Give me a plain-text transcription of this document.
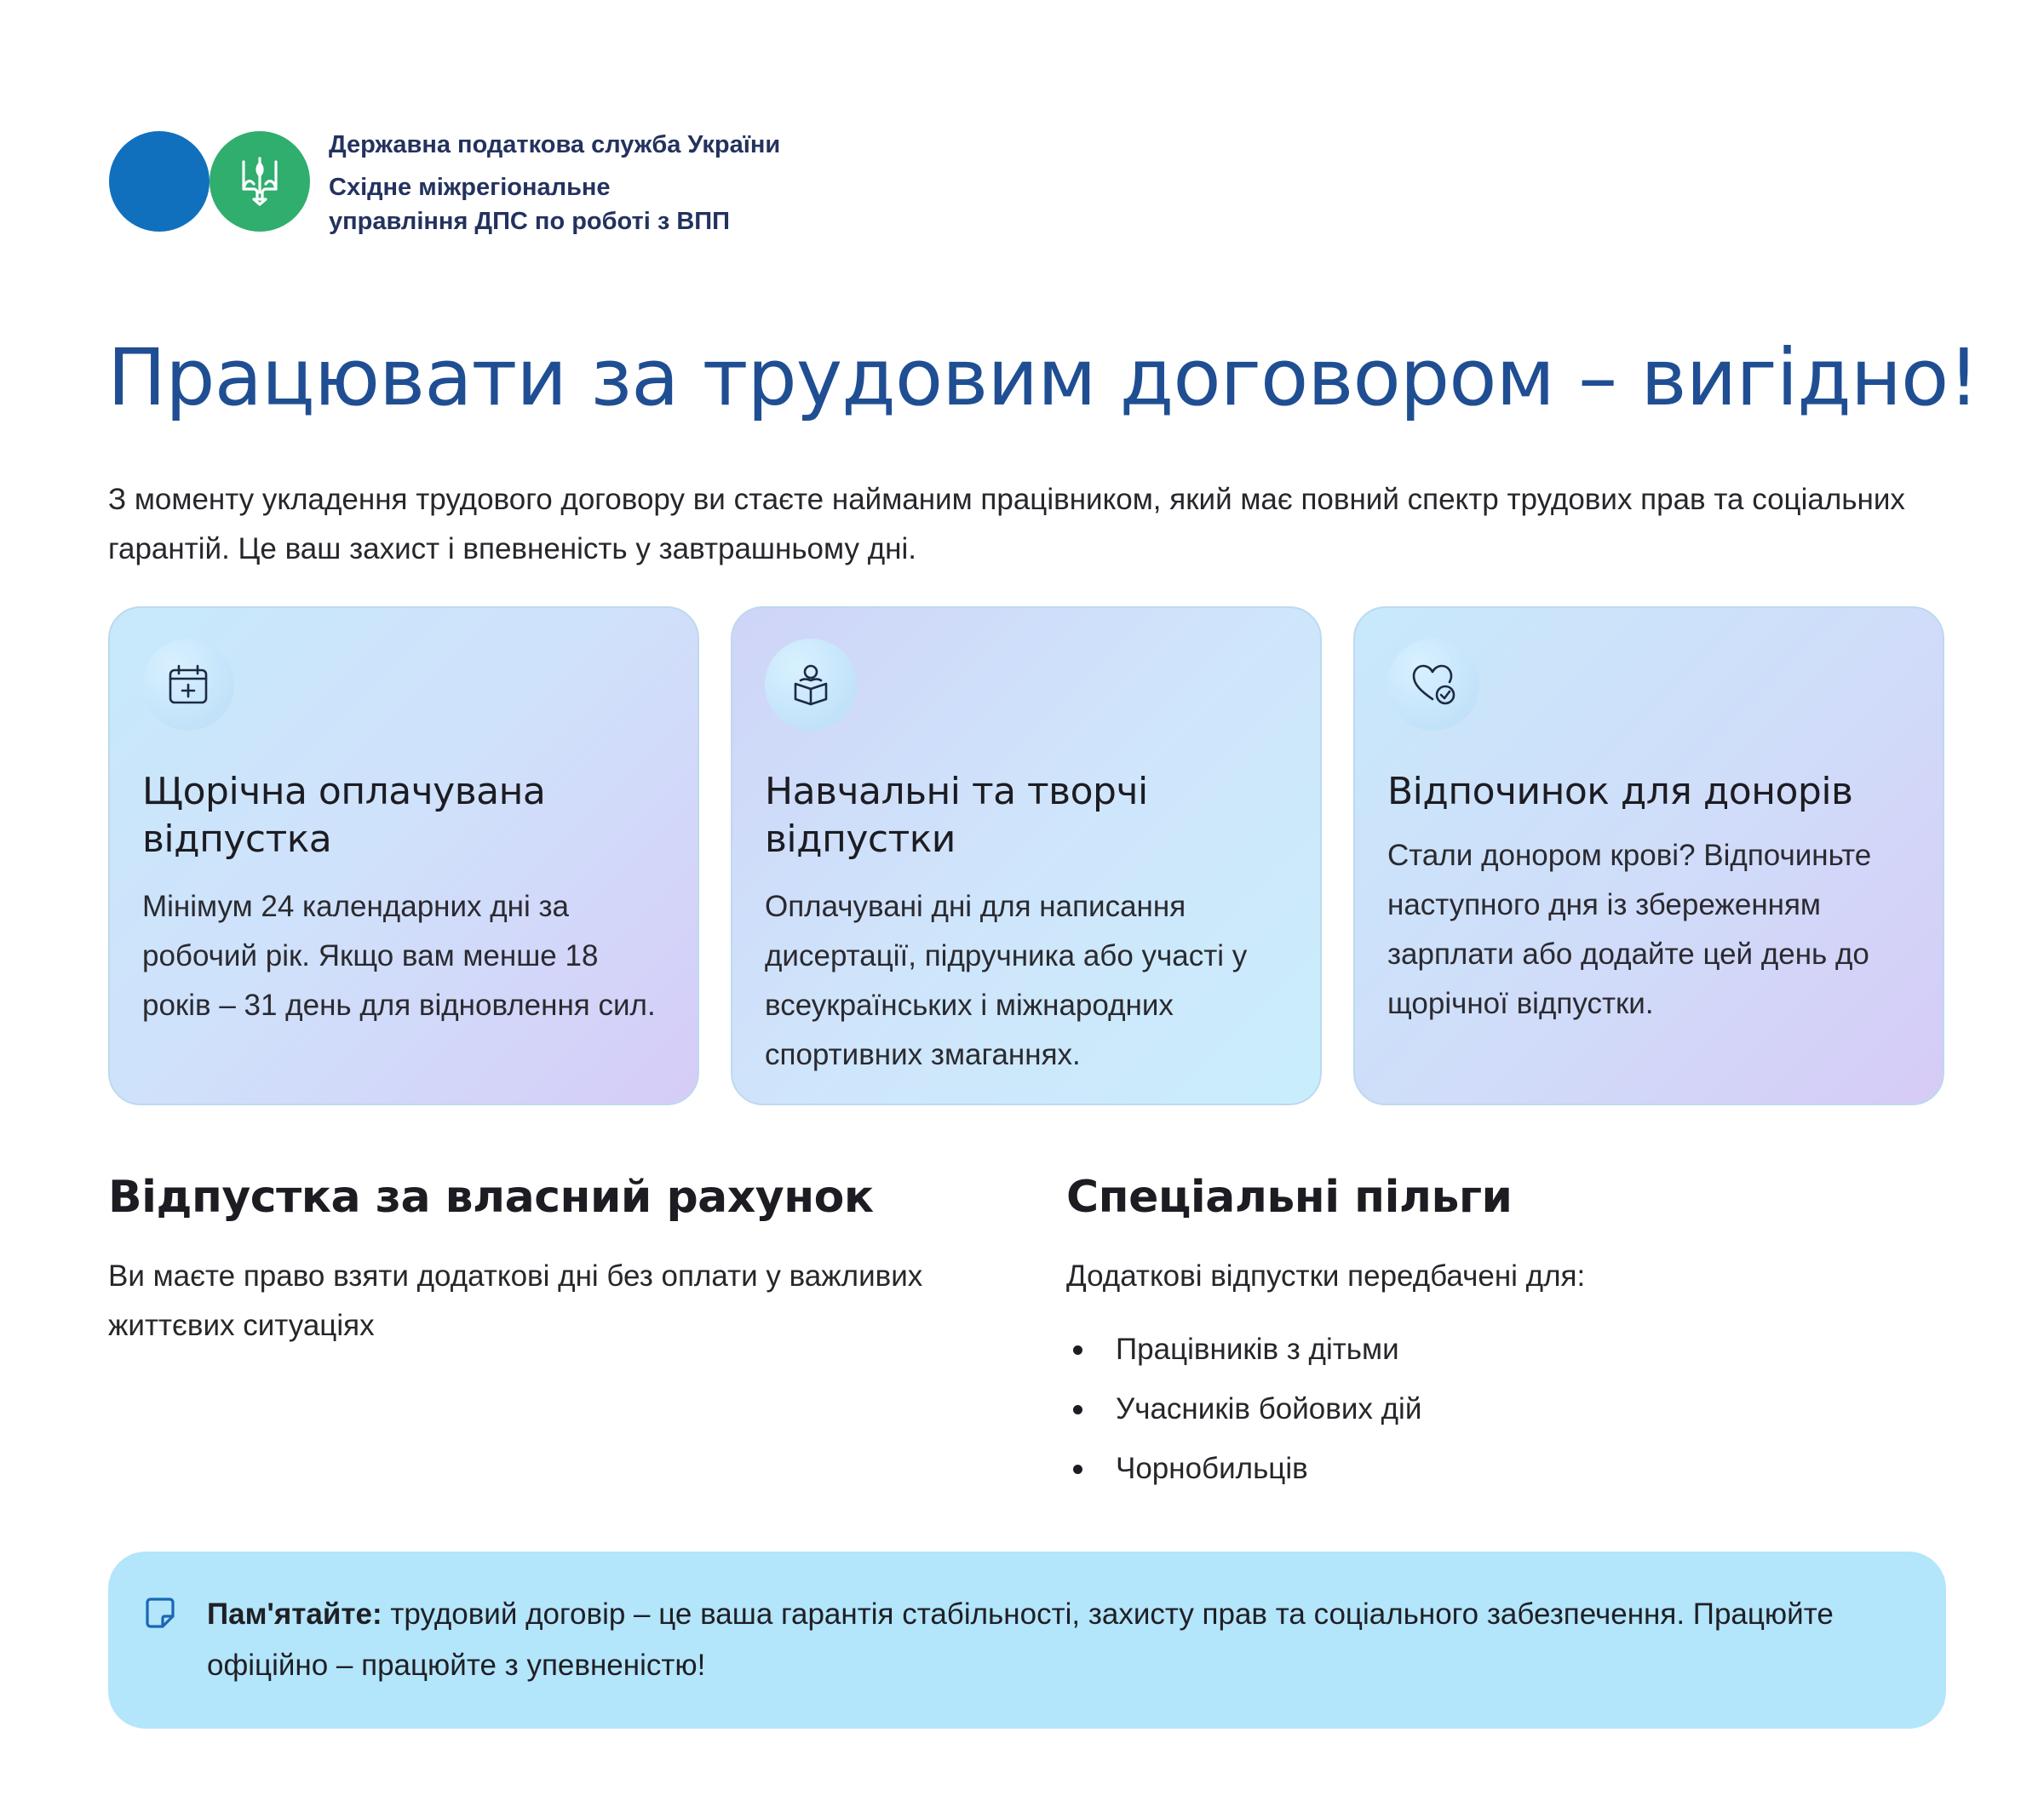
Державна податкова служба України
Східне міжрегіональне
управління ДПС по роботі з ВПП
Працювати за трудовим договором – вигідно!

З моменту укладення трудового договору ви стаєте найманим працівником, який має повний спектр трудових прав та соціальних гарантій. Це ваш захист і впевненість у завтрашньому дні.

Щорічна оплачувана відпустка
Мінімум 24 календарних дні за робочий рік. Якщо вам менше 18 років – 31 день для відновлення сил.
Навчальні та творчі відпустки
Оплачувані дні для написання дисертації, підручника або участі у всеукраїнських і міжнародних спортивних змаганнях.
Відпочинок для донорів
Стали донором крові? Відпочиньте наступного дня із збереженням зарплати або додайте цей день до щорічної відпустки.
Відпустка за власний рахунок

Ви маєте право взяти додаткові дні без оплати у важливих життєвих ситуаціях

Спеціальні пільги

Додаткові відпустки передбачені для:

Працівників з дітьми
Учасників бойових дій
Чорнобильців

Пам'ятайте: трудовий договір – це ваша гарантія стабільності, захисту прав та соціального забезпечення. Працюйте офіційно – працюйте з упевненістю!
